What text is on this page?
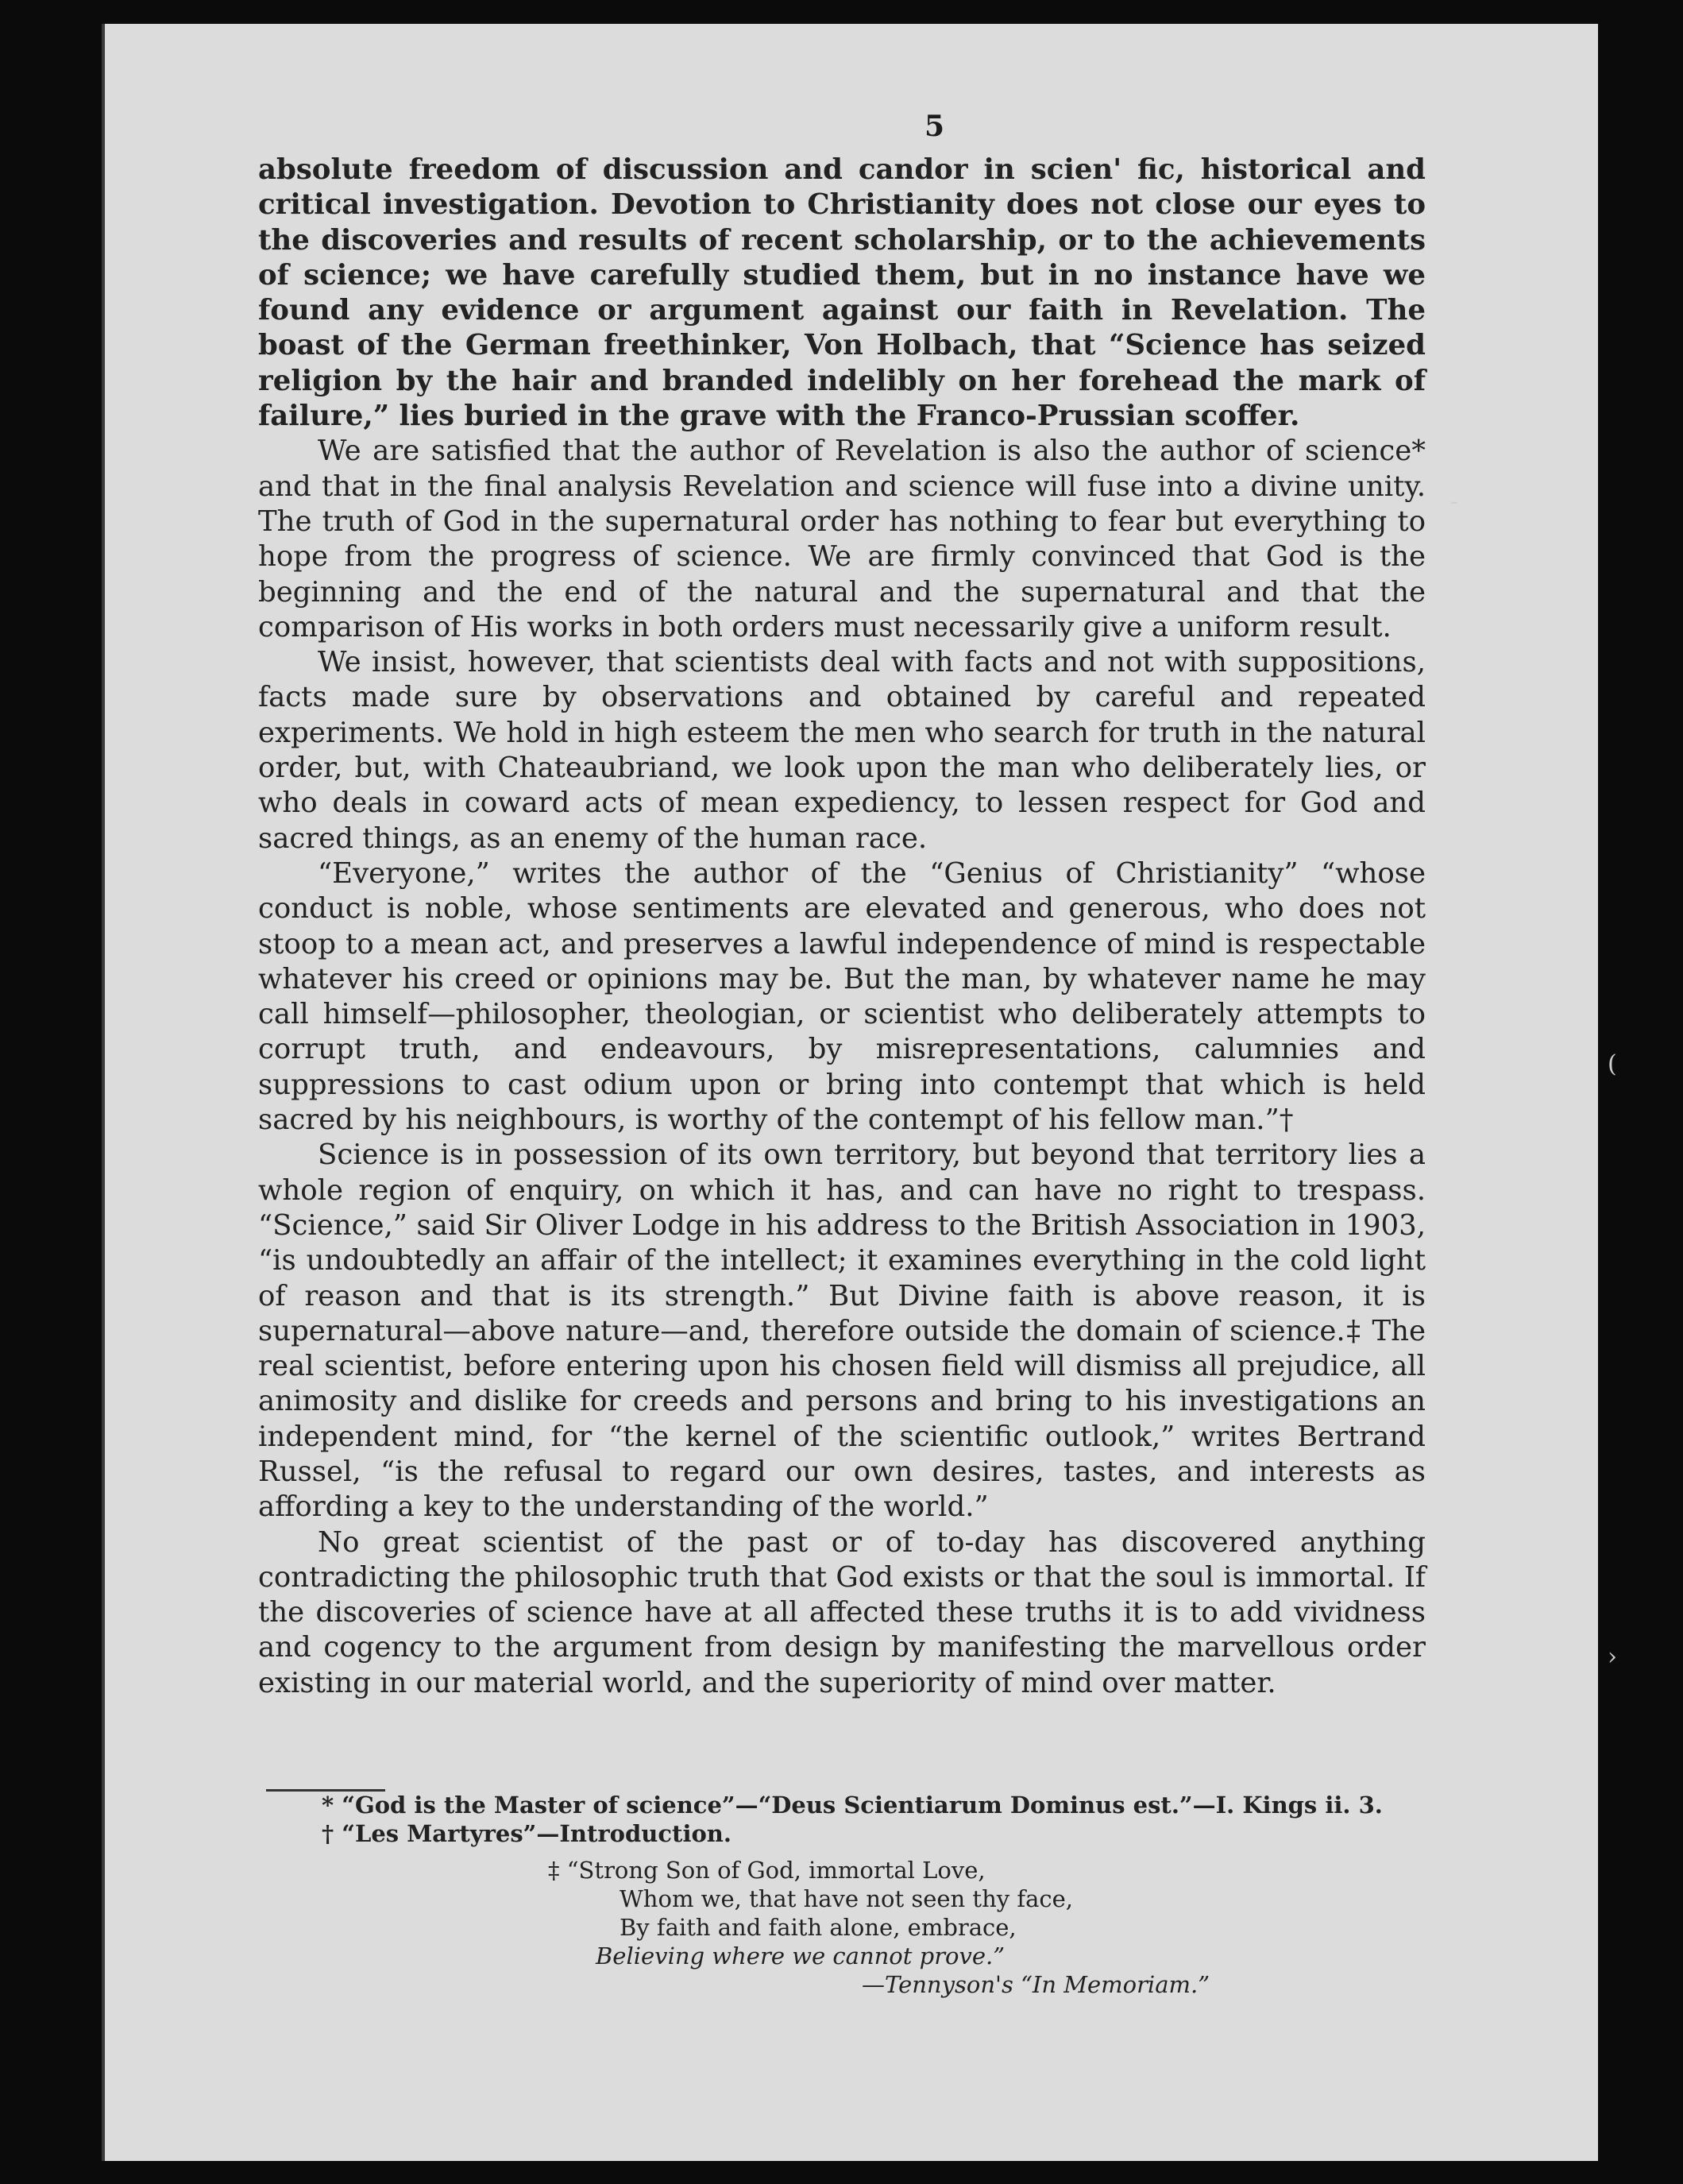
5

absolute freedom of discussion and candor in scien' fic, historical and critical investigation. Devotion to Christianity does not close our eyes to the discoveries and results of recent scholarship, or to the achievements of science; we have carefully studied them, but in no instance have we found any evidence or argument against our faith in Revelation. The boast of the German freethinker, Von Holbach, that “Science has seized religion by the hair and branded indelibly on her forehead the mark of failure,” lies buried in the grave with the Franco-Prussian scoffer.

We are satisfied that the author of Revelation is also the author of science* and that in the final analysis Revelation and science will fuse into a divine unity. The truth of God in the supernatural order has nothing to fear but everything to hope from the progress of science. We are firmly convinced that God is the beginning and the end of the natural and the supernatural and that the comparison of His works in both orders must necessarily give a uniform result.

We insist, however, that scientists deal with facts and not with suppositions, facts made sure by observations and obtained by careful and repeated experiments. We hold in high esteem the men who search for truth in the natural order, but, with Chateaubriand, we look upon the man who deliberately lies, or who deals in coward acts of mean expediency, to lessen respect for God and sacred things, as an enemy of the human race.

“Everyone,” writes the author of the “Genius of Christianity” “whose conduct is noble, whose sentiments are elevated and generous, who does not stoop to a mean act, and preserves a lawful independence of mind is respectable whatever his creed or opinions may be. But the man, by whatever name he may call himself—philosopher, theologian, or scientist who deliberately attempts to corrupt truth, and endeavours, by misrepresentations, calumnies and suppressions to cast odium upon or bring into contempt that which is held sacred by his neighbours, is worthy of the contempt of his fellow man.”†

Science is in possession of its own territory, but beyond that territory lies a whole region of enquiry, on which it has, and can have no right to trespass. “Science,” said Sir Oliver Lodge in his address to the British Association in 1903, “is undoubtedly an affair of the intellect; it examines everything in the cold light of reason and that is its strength.” But Divine faith is above reason, it is supernatural—above nature—and, therefore outside the domain of science.‡ The real scientist, before entering upon his chosen field will dismiss all prejudice, all animosity and dislike for creeds and persons and bring to his investigations an independent mind, for “the kernel of the scientific outlook,” writes Bertrand Russel, “is the refusal to regard our own desires, tastes, and interests as affording a key to the understanding of the world.”

No great scientist of the past or of to-day has discovered anything contradicting the philosophic truth that God exists or that the soul is immortal. If the discoveries of science have at all affected these truths it is to add vividness and cogency to the argument from design by manifesting the marvellous order existing in our material world, and the superiority of mind over matter.

* “God is the Master of science”—“Deus Scientiarum Dominus est.”—I. Kings ii. 3.

† “Les Martyres”—Introduction.

‡ “Strong Son of God, immortal Love,
Whom we, that have not seen thy face,
By faith and faith alone, embrace,
Believing where we cannot prove.”
—Tennyson's “In Memoriam.”
-
(
›
